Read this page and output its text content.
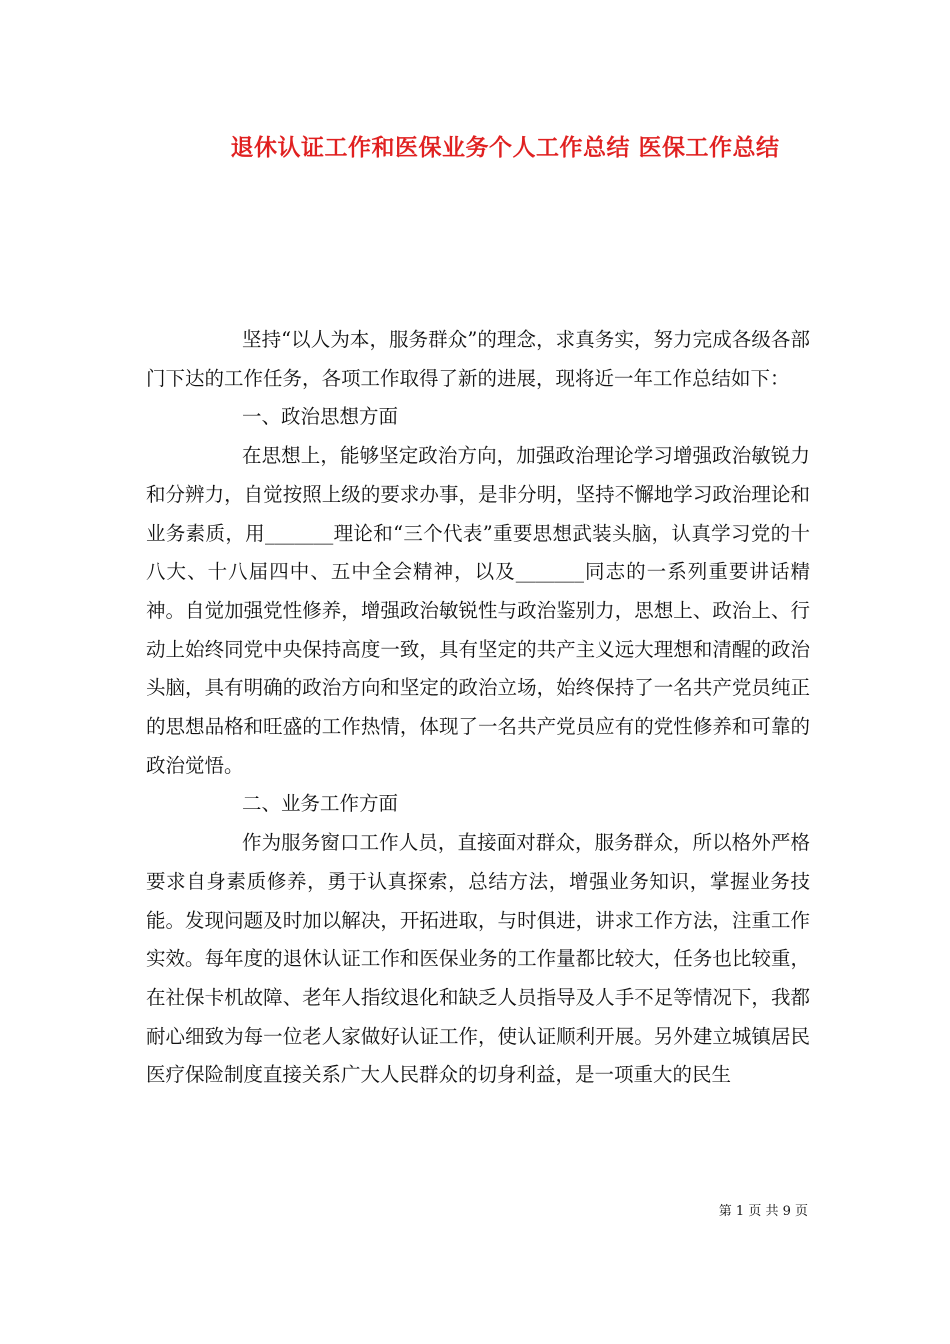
退休认证工作和医保业务个人工作总结 医保工作总结

坚持“以人为本，服务群众”的理念，求真务实，努力完成各级各部门下达的工作任务，各项工作取得了新的进展，现将近一年工作总结如下：

一、政治思想方面

在思想上，能够坚定政治方向，加强政治理论学习增强政治敏锐力和分辨力，自觉按照上级的要求办事，是非分明，坚持不懈地学习政治理论和业务素质，用_______理论和“三个代表”重要思想武装头脑，认真学习党的十八大、十八届四中、五中全会精神，以及_______同志的一系列重要讲话精神。自觉加强党性修养，增强政治敏锐性与政治鉴别力，思想上、政治上、行动上始终同党中央保持高度一致，具有坚定的共产主义远大理想和清醒的政治头脑，具有明确的政治方向和坚定的政治立场，始终保持了一名共产党员纯正的思想品格和旺盛的工作热情，体现了一名共产党员应有的党性修养和可靠的政治觉悟。

二、业务工作方面

作为服务窗口工作人员，直接面对群众，服务群众，所以格外严格要求自身素质修养，勇于认真探索，总结方法，增强业务知识，掌握业务技能。发现问题及时加以解决，开拓进取，与时俱进，讲求工作方法，注重工作实效。每年度的退休认证工作和医保业务的工作量都比较大，任务也比较重，在社保卡机故障、老年人指纹退化和缺乏人员指导及人手不足等情况下，我都耐心细致为每一位老人家做好认证工作，使认证顺利开展。另外建立城镇居民医疗保险制度直接关系广大人民群众的切身利益，是一项重大的民生

第 1 页 共 9 页
